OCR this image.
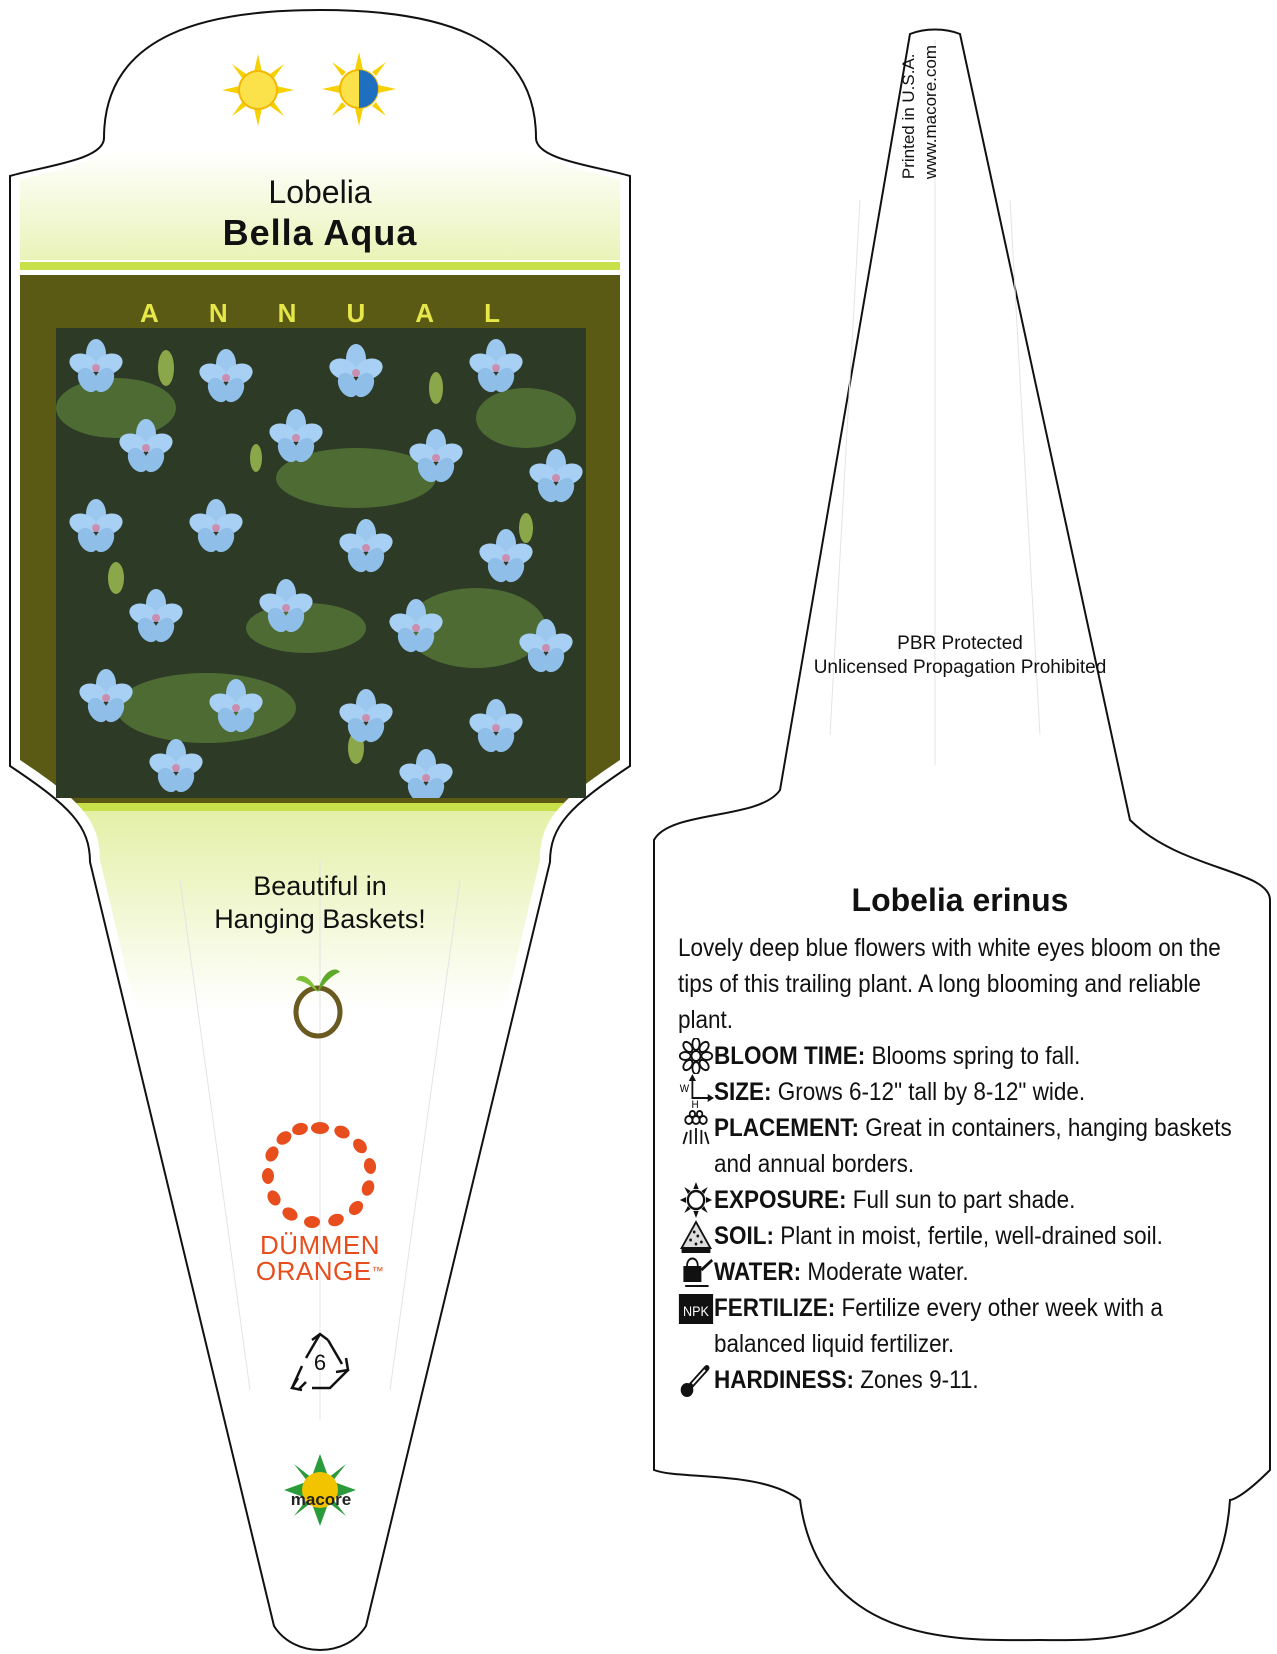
Lobelia
Bella Aqua
A N N U A L
Beautiful in
Hanging Baskets!
DÜMMEN
ORANGE™
6
macore
Printed in U.S.A. www.macore.com
PBR Protected
Unlicensed Propagation Prohibited
Lobelia erinus

Lovely deep blue flowers with white eyes bloom on the tips of this trailing plant. A long blooming and reliable plant.

BLOOM TIME: Blooms spring to fall.
W
H SIZE: Grows 6-12" tall by 8-12" wide.
PLACEMENT: Great in containers, hanging baskets and annual borders.
EXPOSURE: Full sun to part shade.
SOIL: Plant in moist, fertile, well-drained soil.
WATER: Moderate water.
NPK FERTILIZE: Fertilize every other week with a balanced liquid fertilizer.
HARDINESS: Zones 9-11.
